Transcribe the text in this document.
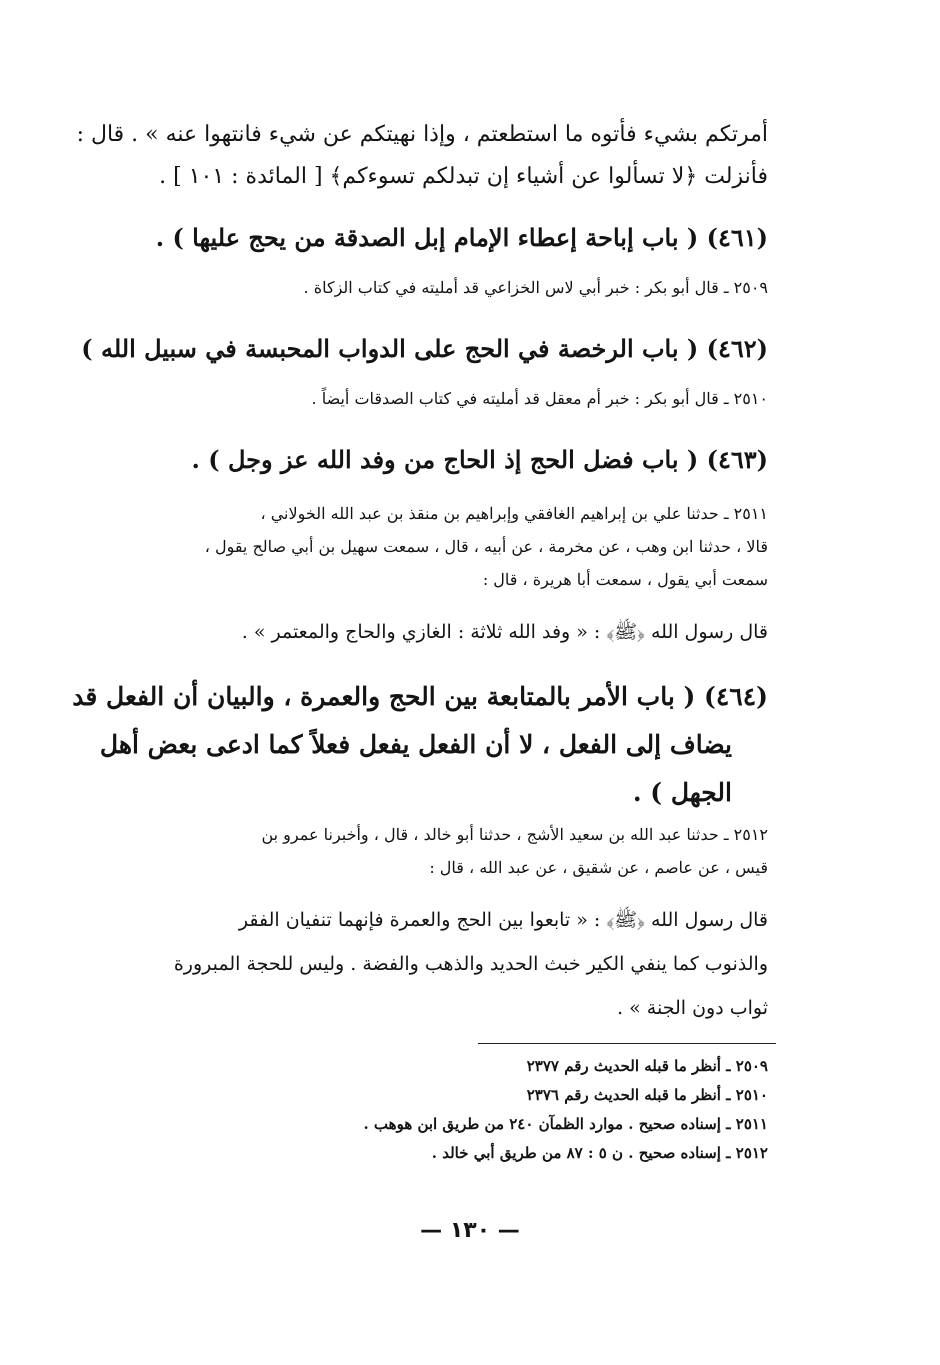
أمرتكم بشيء فأتوه ما استطعتم ، وإذا نهيتكم عن شيء فانتهوا عنه » . قال :
فأنزلت ﴿لا تسألوا عن أشياء إن تبدلكم تسوءكم﴾ [ المائدة : ١٠١ ] .
(٤٦١) ( باب إباحة إعطاء الإمام إبل الصدقة من يحج عليها ) .
٢٥٠٩ ـ قال أبو بكر : خبر أبي لاس الخزاعي قد أمليته في كتاب الزكاة .
(٤٦٢) ( باب الرخصة في الحج على الدواب المحبسة في سبيل الله )
٢٥١٠ ـ قال أبو بكر : خبر أم معقل قد أمليته في كتاب الصدقات أيضاً .
(٤٦٣) ( باب فضل الحج إذ الحاج من وفد الله عز وجل ) .
٢٥١١ ـ حدثنا علي بن إبراهيم الغافقي وإبراهيم بن منقذ بن عبد الله الخولاني ،
قالا ، حدثنا ابن وهب ، عن مخرمة ، عن أبيه ، قال ، سمعت سهيل بن أبي صالح يقول ،
سمعت أبي يقول ، سمعت أبا هريرة ، قال :
قال رسول الله ﴿ﷺ﴾ : « وفد الله ثلاثة : الغازي والحاج والمعتمر » .
(٤٦٤) ( باب الأمر بالمتابعة بين الحج والعمرة ، والبيان أن الفعل قد
يضاف إلى الفعل ، لا أن الفعل يفعل فعلاً كما ادعى بعض أهل
الجهل ) .
٢٥١٢ ـ حدثنا عبد الله بن سعيد الأشج ، حدثنا أبو خالد ، قال ، وأخبرنا عمرو بن
قيس ، عن عاصم ، عن شقيق ، عن عبد الله ، قال :
قال رسول الله ﴿ﷺ﴾ : « تابعوا بين الحج والعمرة فإنهما تنفيان الفقر
والذنوب كما ينفي الكير خبث الحديد والذهب والفضة . وليس للحجة المبرورة
ثواب دون الجنة » .
٢٥٠٩ ـ أنظر ما قبله الحديث رقم ٢٣٧٧
٢٥١٠ ـ أنظر ما قبله الحديث رقم ٢٣٧٦
٢٥١١ ـ إسناده صحيح . موارد الظمآن ٢٤٠ من طريق ابن هوهب .
٢٥١٢ ـ إسناده صحيح . ن ٥ : ٨٧ من طريق أبي خالد .
— ١٣٠ —
